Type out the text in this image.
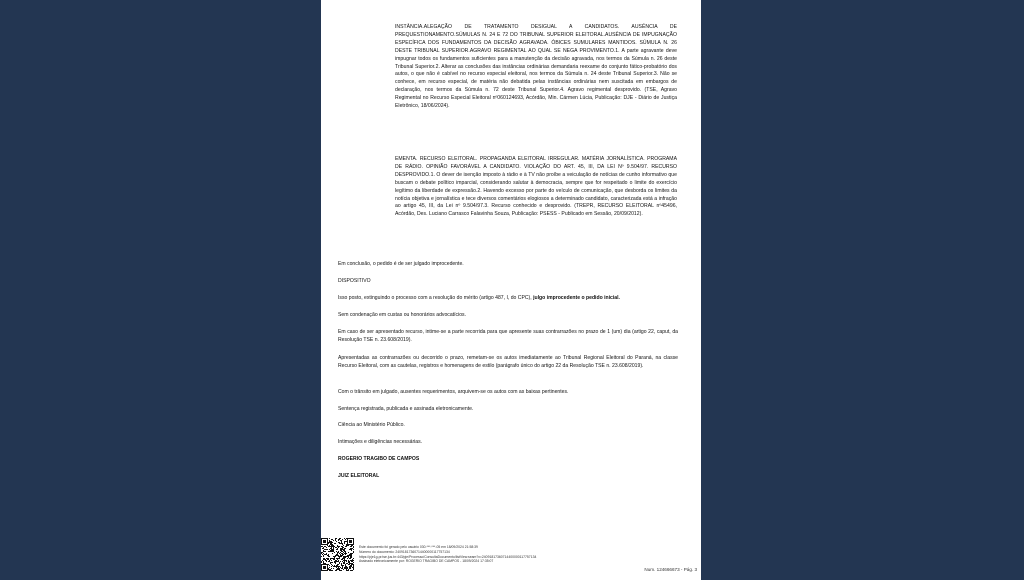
INSTÂNCIA.ALEGAÇÃO DE TRATAMENTO DESIGUAL A CANDIDATOS. AUSÊNCIA DE PREQUESTIONAMENTO.SÚMULAS N. 24 E 72 DO TRIBUNAL SUPERIOR ELEITORAL.AUSÊNCIA DE IMPUGNAÇÃO ESPECÍFICA DOS FUNDAMENTOS DA DECISÃO AGRAVADA. ÓBICES SUMULARES MANTIDOS. SÚMULA N. 26 DESTE TRIBUNAL SUPERIOR.AGRAVO REGIMENTAL AO QUAL SE NEGA PROVIMENTO.1. A parte agravante deve impugnar todos os fundamentos suficientes para a manutenção da decisão agravada, nos termos da Súmula n. 26 deste Tribunal Superior.2. Alterar as conclusões das instâncias ordinárias demandaria reexame do conjunto fático-probatório dos autos, o que não é cabível no recurso especial eleitoral, nos termos da Súmula n. 24 deste Tribunal Superior.3. Não se conhece, em recurso especial, de matéria não debatida pelas instâncias ordinárias nem suscitada em embargos de declaração, nos termos da Súmula n. 72 deste Tribunal Superior.4. Agravo regimental desprovido. (TSE, Agravo Regimental no Recurso Especial Eleitoral nº060124693, Acórdão, Min. Cármen Lúcia, Publicação: DJE - Diário de Justiça Eletrônico, 18/06/2024).
EMENTA. RECURSO ELEITORAL. PROPAGANDA ELEITORAL IRREGULAR. MATÉRIA JORNALÍSTICA. PROGRAMA DE RÁDIO. OPINIÃO FAVORÁVEL A CANDIDATO. VIOLAÇÃO DO ART. 45, III, DA LEI Nº 9.504/97. RECURSO DESPROVIDO.1. O dever de isenção imposto à rádio e à TV não proíbe a veiculação de notícias de cunho informativo que buscam o debate político imparcial, considerando salutar à democracia, sempre que for respeitado o limite do exercício legítimo da liberdade de expressão.2. Havendo excesso por parte do veículo de comunicação, que desborda os limites da notícia objetiva e jornalística e tece diversos comentários elogiosos a determinado candidato, caracterizada está a infração ao artigo 45, III, da Lei nº 9.504/97.3. Recurso conhecido e desprovido. (TREPR, RECURSO ELEITORAL nº45496, Acórdão, Des. Luciano Carrasco Falavinha Souza, Publicação: PSESS - Publicado em Sessão, 20/09/2012).
Em conclusão, o pedido é de ser julgado improcedente.
DISPOSITIVO
Isso posto, extinguindo o processo com a resolução do mérito (artigo 487, I, do CPC), julgo improcedente o pedido inicial.
Sem condenação em custas ou honorários advocatícios.
Em caso de ser apresentado recurso, intime-se a parte recorrida para que apresente suas contrarrazões no prazo de 1 (um) dia (artigo 22, caput, da Resolução TSE n. 23.608/2019).
Apresentadas as contrarrazões ou decorrido o prazo, remetam-se os autos imediatamente ao Tribunal Regional Eleitoral do Paraná, na classe Recurso Eleitoral, com as cautelas, registros e homenagens de estilo (parágrafo único do artigo 22 da Resolução TSE n. 23.608/2019).
Com o trânsito em julgado, ausentes requerimentos, arquivem-se os autos com as baixas pertinentes.
Sentença registrada, publicada e assinada eletronicamente.
Ciência ao Ministério Público.
Intimações e diligências necessárias.
ROGERIO TRAGIBO DE CAMPOS
JUIZ ELEITORAL
Este documento foi gerado pelo usuário 030.***.***-05 em 18/09/2024 21:58:39
Número do documento: 24091817360714400000117757134
https://pje1g-pr.tse.jus.br:443/pje/Processo/ConsultaDocumento/listView.seam?x=24091817360714400000117757134
Assinado eletronicamente por: ROGERIO TRAGIBO DE CAMPOS - 18/09/2024 17:35:07
Num. 124666673 - Pág. 3
